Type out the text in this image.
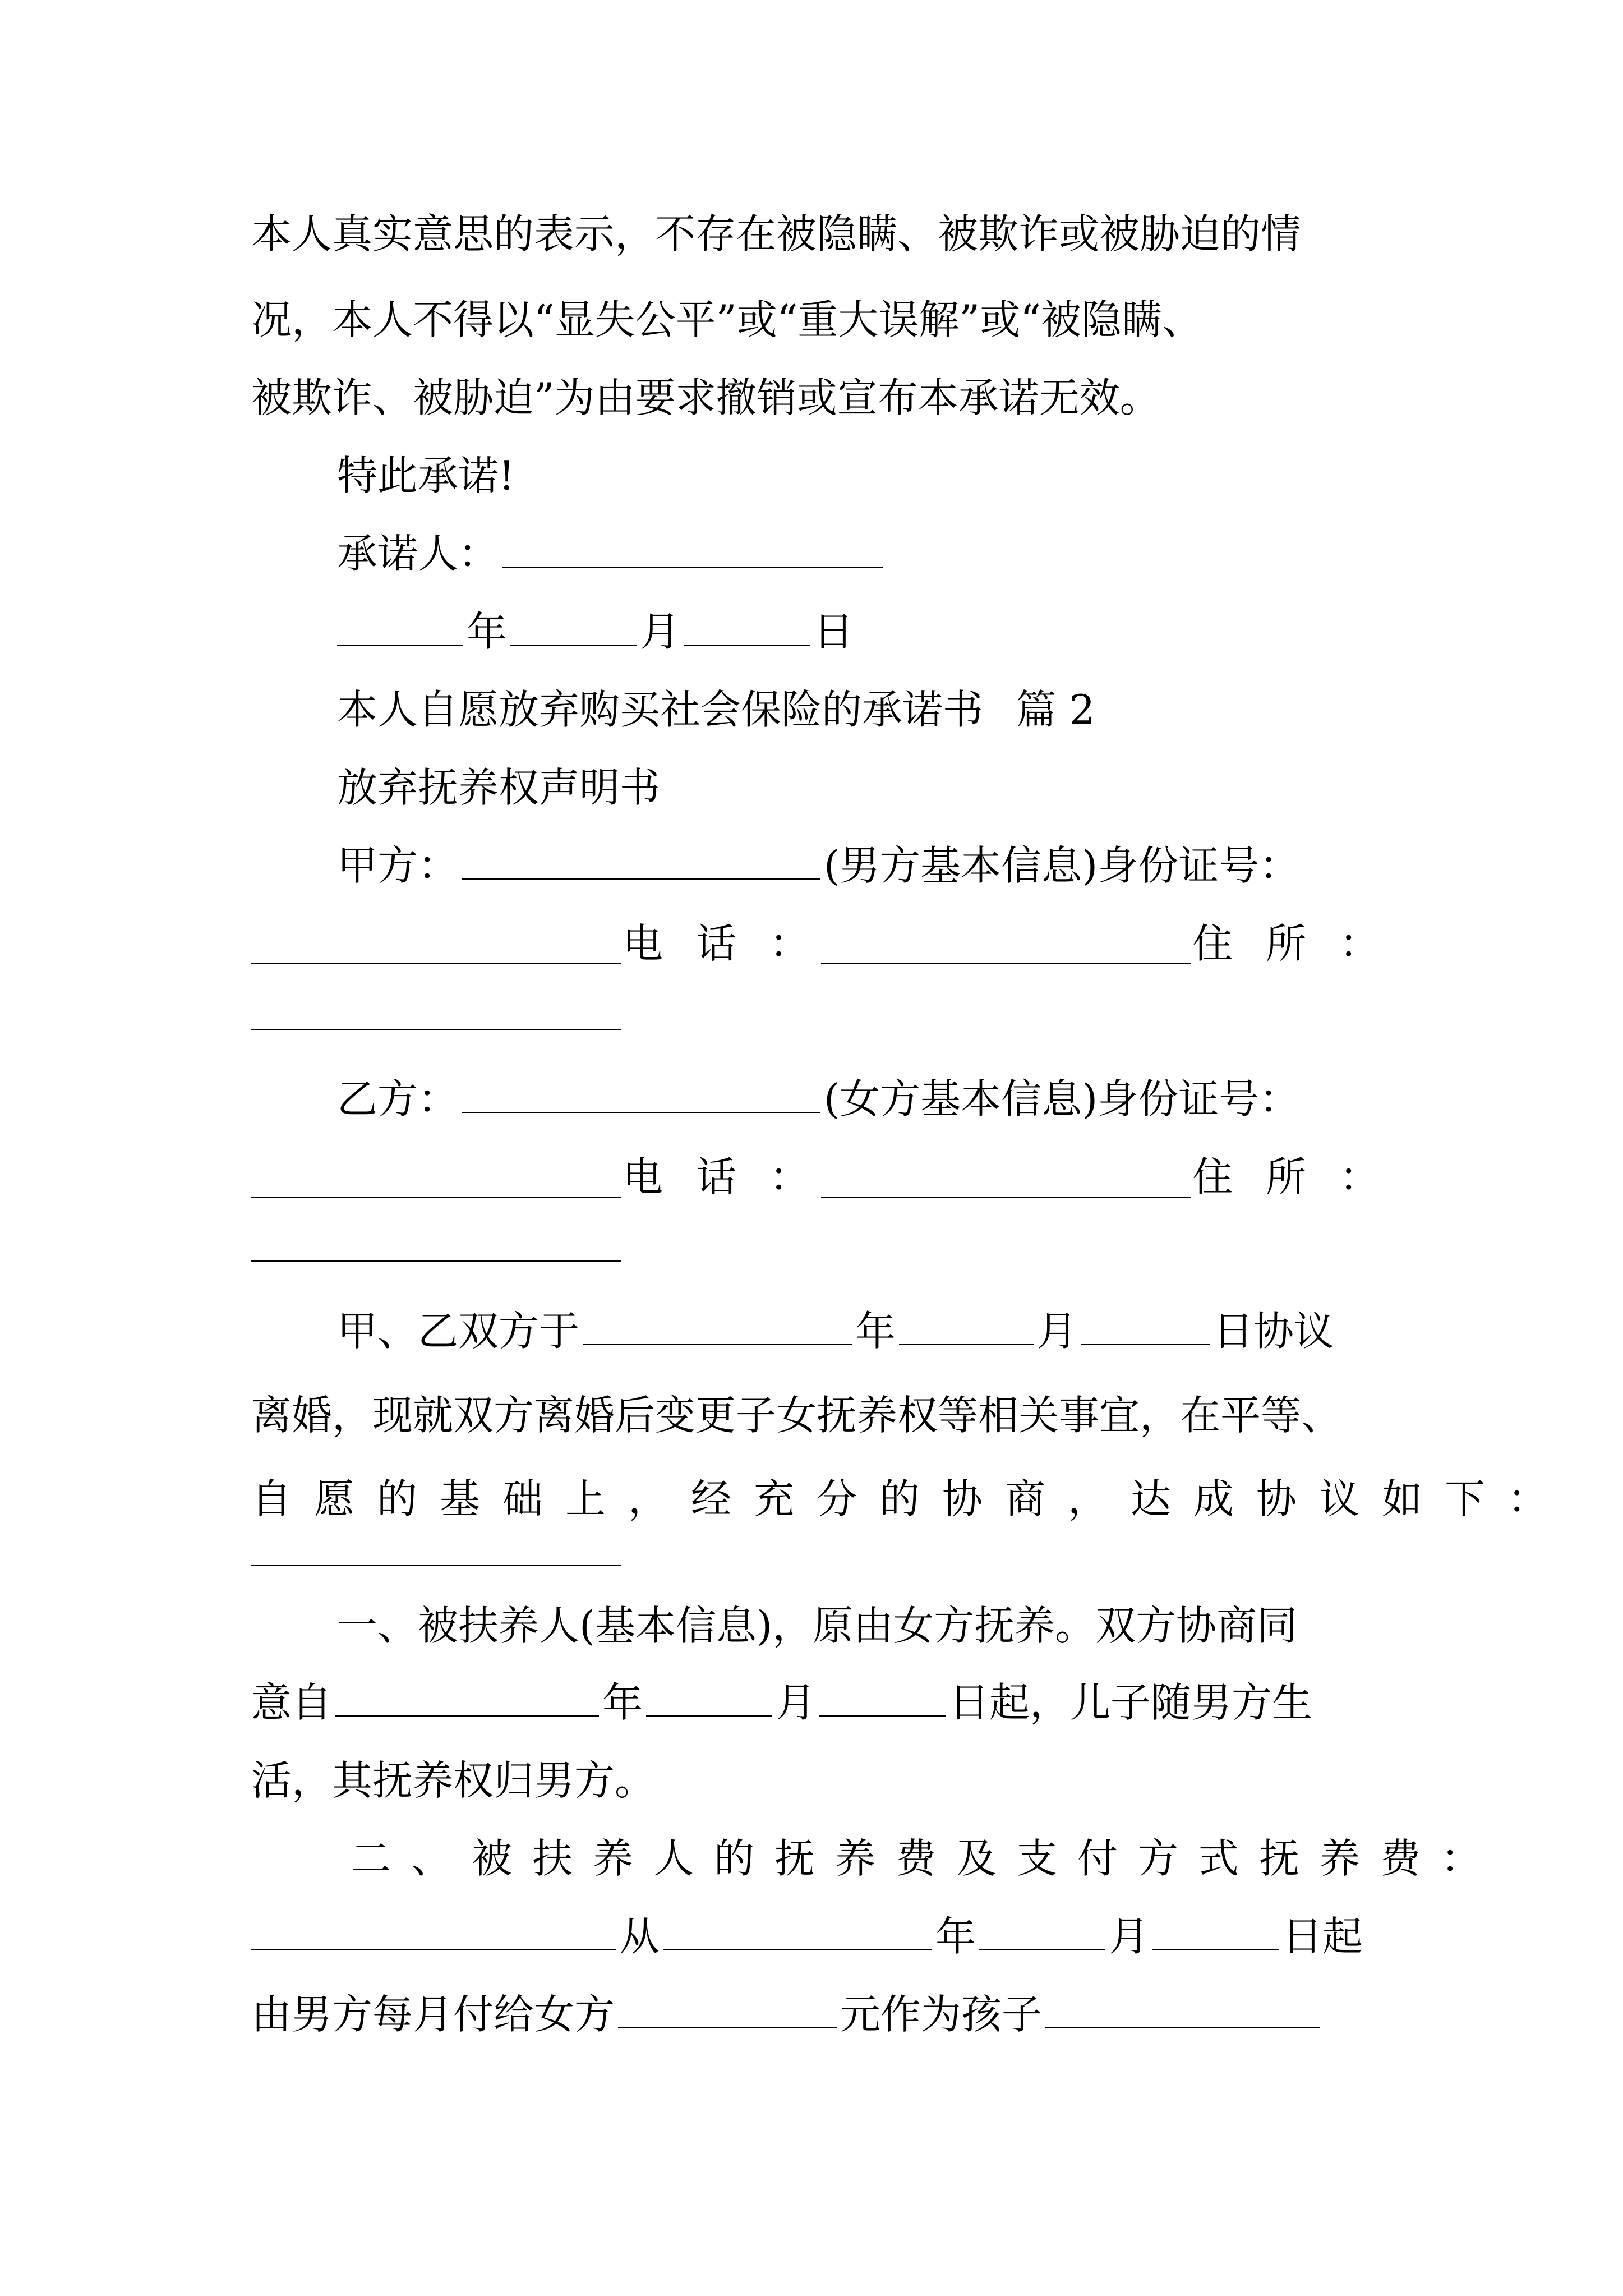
本人真实意思的表示，不存在被隐瞒、被欺诈或被胁迫的情
况，本人不得以“显失公平”或“重大误解”或“被隐瞒、
被欺诈、被胁迫”为由要求撤销或宣布本承诺无效。
特此承诺!
承诺人：
年	月	日
本人自愿放弃购买社会保险的承诺书 篇 2
放弃抚养权声明书
甲方：	(男方基本信息)身份证号：
电 话 ：	住 所 ：
乙方：	(女方基本信息)身份证号：
电 话 ：	住 所 ：
甲、乙双方于	年	月	日协议
离婚，现就双方离婚后变更子女抚养权等相关事宜，在平等、
自愿的基础上，经充分的协商，达成协议如下：
一、被扶养人(基本信息)，原由女方抚养。双方协商同
意自	年	月	日起，儿子随男方生
活，其抚养权归男方。
二、被扶养人的抚养费及支付方式抚养费：
从	年	月	日起
由男方每月付给女方	元作为孩子
